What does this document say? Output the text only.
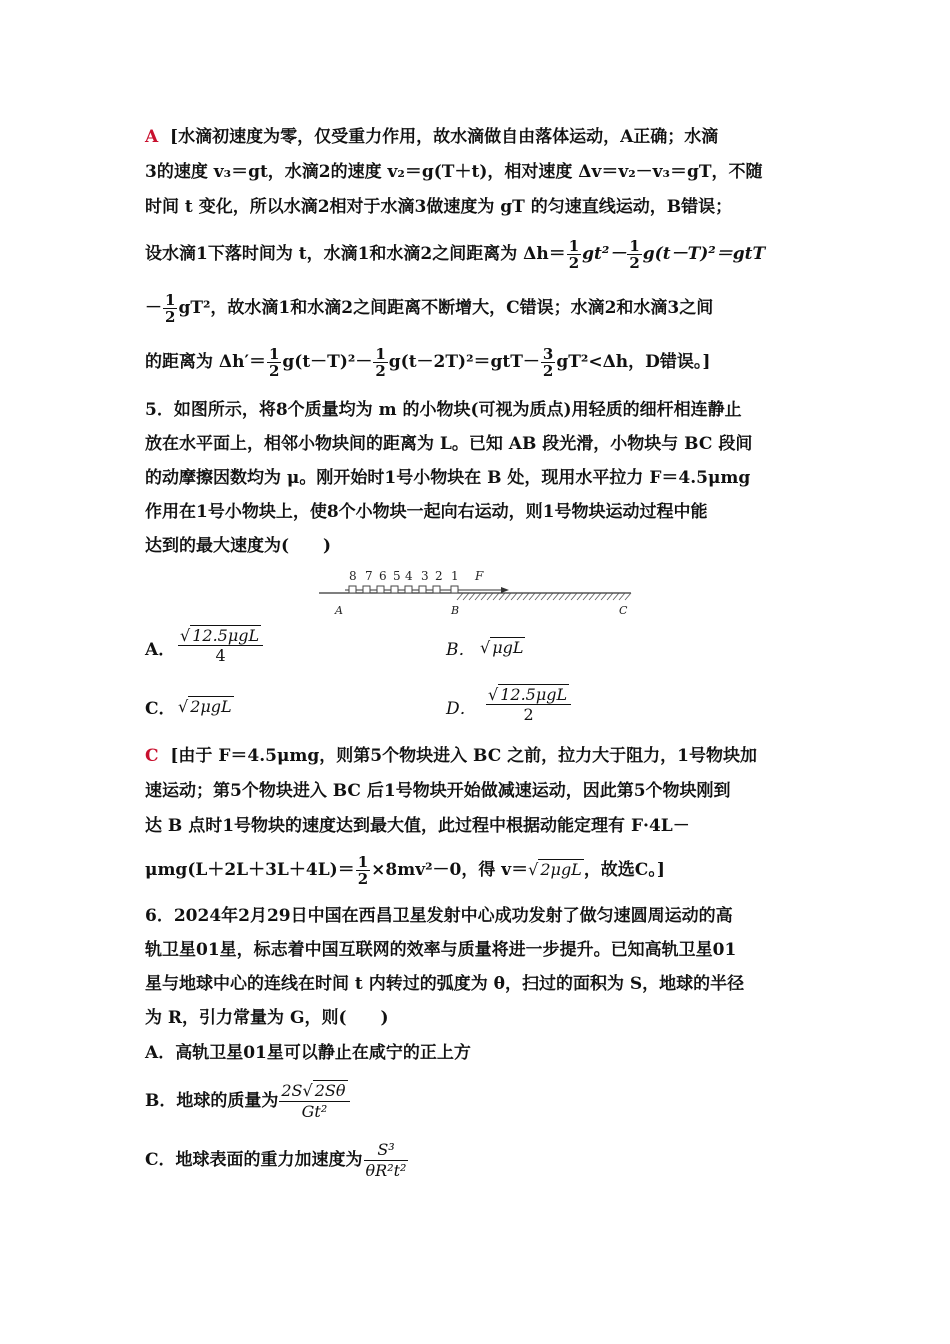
A [水滴初速度为零，仅受重力作用，故水滴做自由落体运动，A正确；水滴
3的速度 v₃＝gt，水滴2的速度 v₂＝g(T＋t)，相对速度 Δv＝v₂－v₃＝gT，不随
时间 t 变化，所以水滴2相对于水滴3做速度为 gT 的匀速直线运动，B错误；
设水滴1下落时间为 t，水滴1和水滴2之间距离为 $\Delta h= \frac{1}{2} gt^2- \frac{1}{2} g(t-T)^2=gtT$
－ $\frac{1}{2} gT^2$，故水滴1和水滴2之间距离不断增大，C错误；水滴2和水滴3之间
的距离为 $\Delta h'= \frac{1}{2} g(t-T)^2- \frac{1}{2} g(t-2T)^2=gtT- \frac{3}{2} gT^2<\Delta h$，D错误。]
5．如图所示，将8个质量均为 m 的小物块(可视为质点)用轻质的细杆相连静止
放在水平面上，相邻小物块间的距离为 L。已知 AB 段光滑，小物块与 BC 段间
的动摩擦因数均为 μ。刚开始时1号小物块在 B 处，现用水平拉力 F＝4.5μmg
作用在1号小物块上，使8个小物块一起向右运动，则1号物块运动过程中能
达到的最大速度为(　　)
8 7 6 5 4 3 2 1 F
A	B	C
A．
√ 12.5μgL
4	B． √ μgL
C． √ 2μgL	D．
√ 12.5μgL
2
C [由于 F＝4.5μmg，则第5个物块进入 BC 之前，拉力大于阻力，1号物块加
速运动；第5个物块进入 BC 后1号物块开始做减速运动，因此第5个物块刚到
达 B 点时1号物块的速度达到最大值，此过程中根据动能定理有 F·4L－
$\mu mg(L+2L+3L+4L)= \frac{1}{2} \times 8mv^2-0$，得 v＝√ 2μgL ，故选C。]
6．2024年2月29日中国在西昌卫星发射中心成功发射了做匀速圆周运动的高
轨卫星01星，标志着中国互联网的效率与质量将进一步提升。已知高轨卫星01
星与地球中心的连线在时间 t 内转过的弧度为 θ，扫过的面积为 S，地球的半径
为 R，引力常量为 G，则(　　)
A．高轨卫星01星可以静止在咸宁的正上方
B．地球的质量为 $\frac{2S√ 2S\theta}{\text{Gt²}}$
C．地球表面的重力加速度为 $\frac{\text{S³}}{\text{θR²t²}}$
